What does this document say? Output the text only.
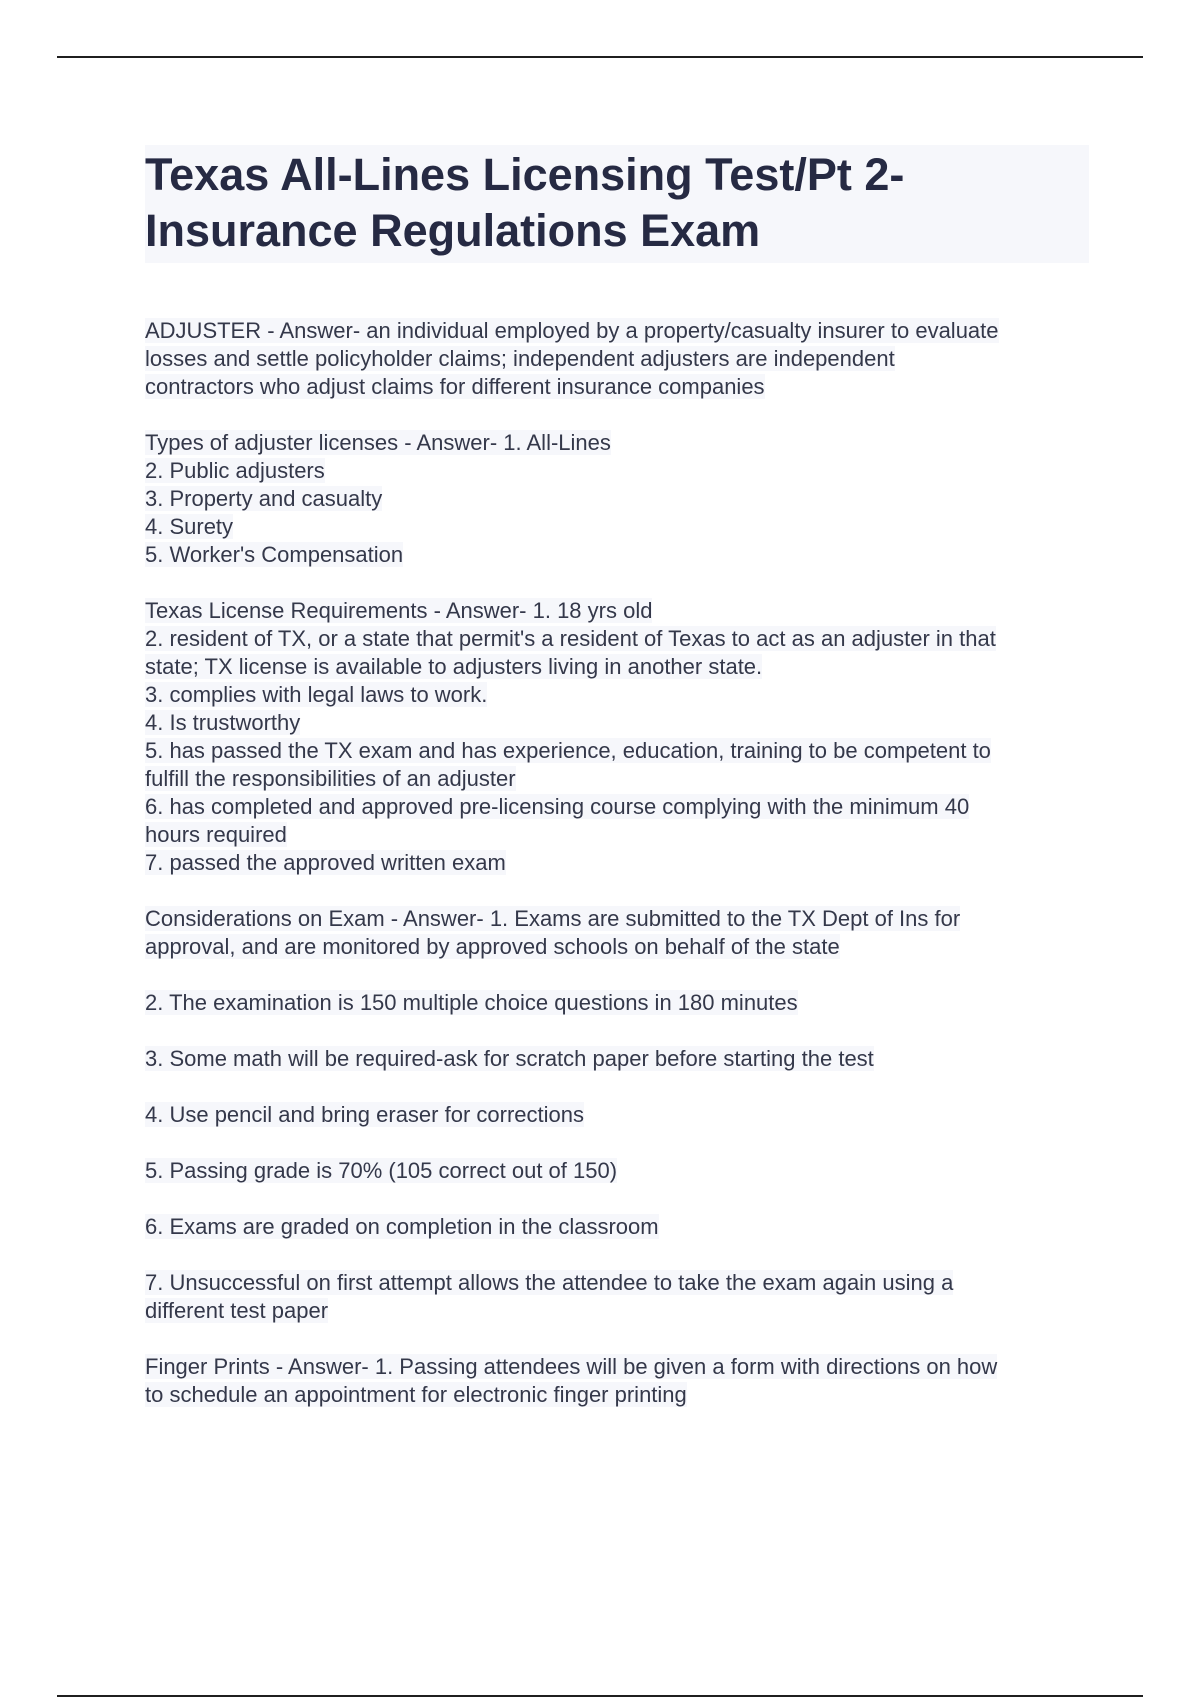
Texas All-Lines Licensing Test/Pt 2-
Insurance Regulations Exam
ADJUSTER - Answer- an individual employed by a property/casualty insurer to evaluate
losses and settle policyholder claims; independent adjusters are independent
contractors who adjust claims for different insurance companies
Types of adjuster licenses - Answer- 1. All-Lines
2. Public adjusters
3. Property and casualty
4. Surety
5. Worker's Compensation
Texas License Requirements - Answer- 1. 18 yrs old
2. resident of TX, or a state that permit's a resident of Texas to act as an adjuster in that
state; TX license is available to adjusters living in another state.
3. complies with legal laws to work.
4. Is trustworthy
5. has passed the TX exam and has experience, education, training to be competent to
fulfill the responsibilities of an adjuster
6. has completed and approved pre-licensing course complying with the minimum 40
hours required
7. passed the approved written exam
Considerations on Exam - Answer- 1. Exams are submitted to the TX Dept of Ins for
approval, and are monitored by approved schools on behalf of the state
2. The examination is 150 multiple choice questions in 180 minutes
3. Some math will be required-ask for scratch paper before starting the test
4. Use pencil and bring eraser for corrections
5. Passing grade is 70% (105 correct out of 150)
6. Exams are graded on completion in the classroom
7. Unsuccessful on first attempt allows the attendee to take the exam again using a
different test paper
Finger Prints - Answer- 1. Passing attendees will be given a form with directions on how
to schedule an appointment for electronic finger printing
